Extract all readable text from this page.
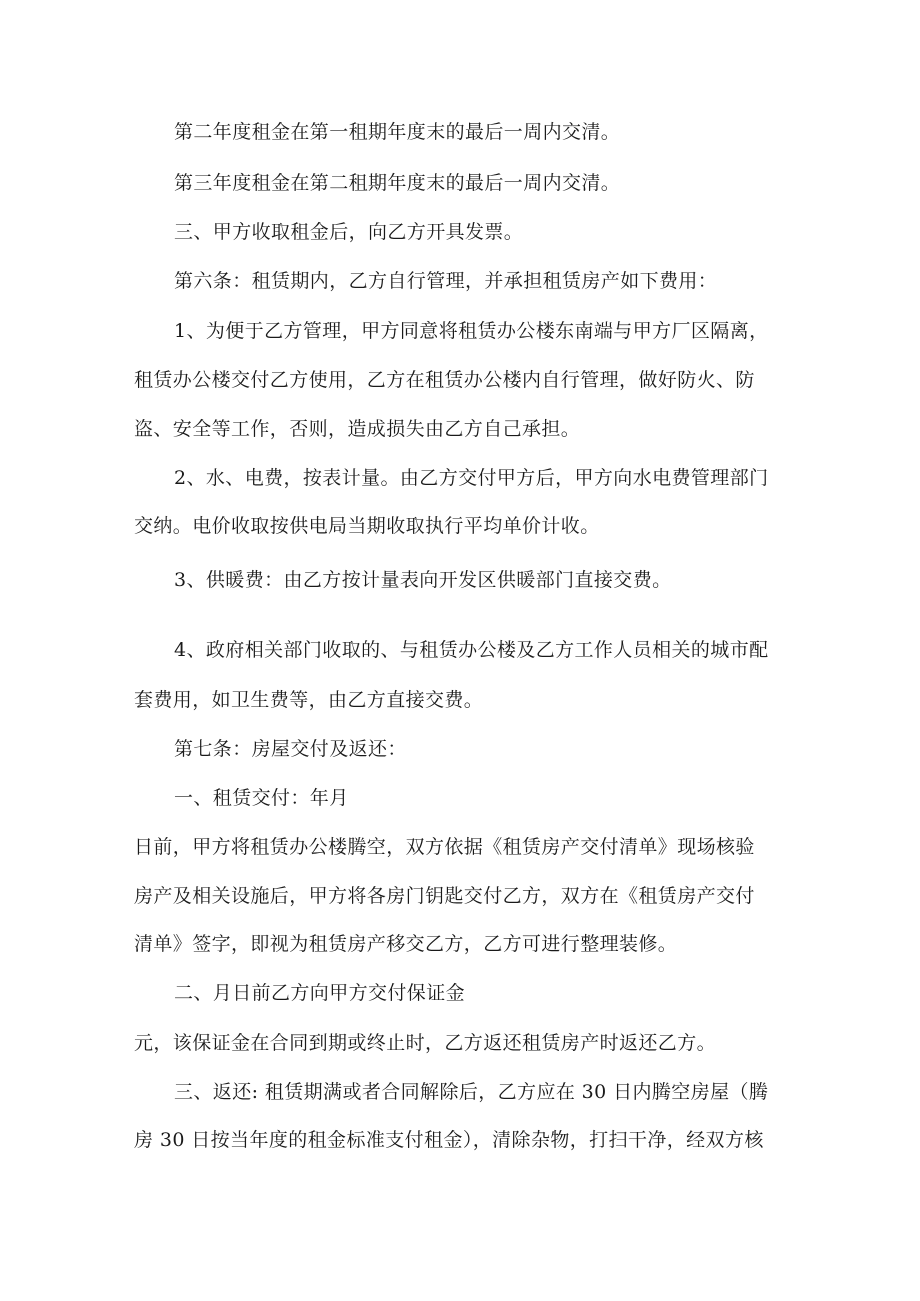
第二年度租金在第一租期年度末的最后一周内交清。
第三年度租金在第二租期年度末的最后一周内交清。
三、甲方收取租金后，向乙方开具发票。
第六条：租赁期内，乙方自行管理，并承担租赁房产如下费用：
1、为便于乙方管理，甲方同意将租赁办公楼东南端与甲方厂区隔离，
租赁办公楼交付乙方使用，乙方在租赁办公楼内自行管理，做好防火、防
盗、安全等工作，否则，造成损失由乙方自己承担。
2、水、电费，按表计量。由乙方交付甲方后，甲方向水电费管理部门
交纳。电价收取按供电局当期收取执行平均单价计收。
3、供暖费：由乙方按计量表向开发区供暖部门直接交费。
4、政府相关部门收取的、与租赁办公楼及乙方工作人员相关的城市配
套费用，如卫生费等，由乙方直接交费。
第七条：房屋交付及返还：
一、租赁交付：年月
日前，甲方将租赁办公楼腾空，双方依据《租赁房产交付清单》现场核验
房产及相关设施后，甲方将各房门钥匙交付乙方，双方在《租赁房产交付
清单》签字，即视为租赁房产移交乙方，乙方可进行整理装修。
二、月日前乙方向甲方交付保证金
元，该保证金在合同到期或终止时，乙方返还租赁房产时返还乙方。
三、返还: 租赁期满或者合同解除后，乙方应在 30 日内腾空房屋（腾
房 30 日按当年度的租金标准支付租金），清除杂物，打扫干净，经双方核
